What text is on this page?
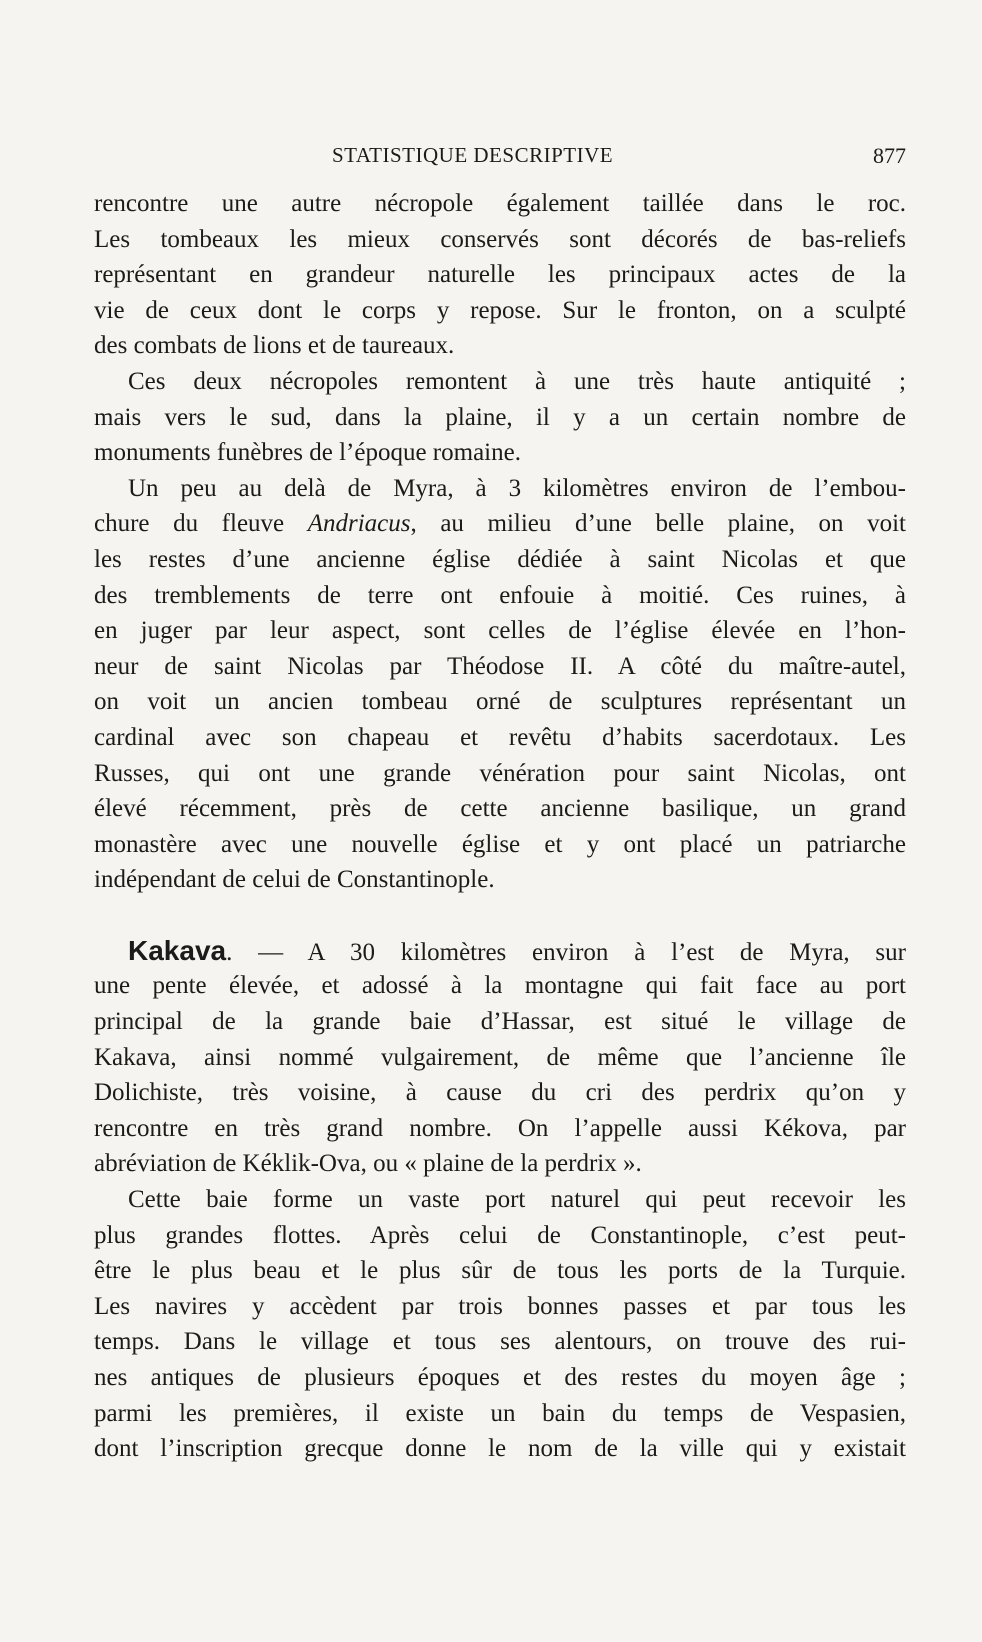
STATISTIQUE DESCRIPTIVE	877
rencontre une autre nécropole également taillée dans le roc.
Les tombeaux les mieux conservés sont décorés de bas-reliefs
représentant en grandeur naturelle les principaux actes de la
vie de ceux dont le corps y repose. Sur le fronton, on a sculpté
des combats de lions et de taureaux.
Ces deux nécropoles remontent à une très haute antiquité ;
mais vers le sud, dans la plaine, il y a un certain nombre de
monuments funèbres de l’époque romaine.
Un peu au delà de Myra, à 3 kilomètres environ de l’embou-
chure du fleuve Andriacus, au milieu d’une belle plaine, on voit
les restes d’une ancienne église dédiée à saint Nicolas et que
des tremblements de terre ont enfouie à moitié. Ces ruines, à
en juger par leur aspect, sont celles de l’église élevée en l’hon-
neur de saint Nicolas par Théodose II. A côté du maître-autel,
on voit un ancien tombeau orné de sculptures représentant un
cardinal avec son chapeau et revêtu d’habits sacerdotaux. Les
Russes, qui ont une grande vénération pour saint Nicolas, ont
élevé récemment, près de cette ancienne basilique, un grand
monastère avec une nouvelle église et y ont placé un patriarche
indépendant de celui de Constantinople.
Kakava. — A 30 kilomètres environ à l’est de Myra, sur
une pente élevée, et adossé à la montagne qui fait face au port
principal de la grande baie d’Hassar, est situé le village de
Kakava, ainsi nommé vulgairement, de même que l’ancienne île
Dolichiste, très voisine, à cause du cri des perdrix qu’on y
rencontre en très grand nombre. On l’appelle aussi Kékova, par
abréviation de Kéklik-Ova, ou « plaine de la perdrix ».
Cette baie forme un vaste port naturel qui peut recevoir les
plus grandes flottes. Après celui de Constantinople, c’est peut-
être le plus beau et le plus sûr de tous les ports de la Turquie.
Les navires y accèdent par trois bonnes passes et par tous les
temps. Dans le village et tous ses alentours, on trouve des rui-
nes antiques de plusieurs époques et des restes du moyen âge ;
parmi les premières, il existe un bain du temps de Vespasien,
dont l’inscription grecque donne le nom de la ville qui y existait
